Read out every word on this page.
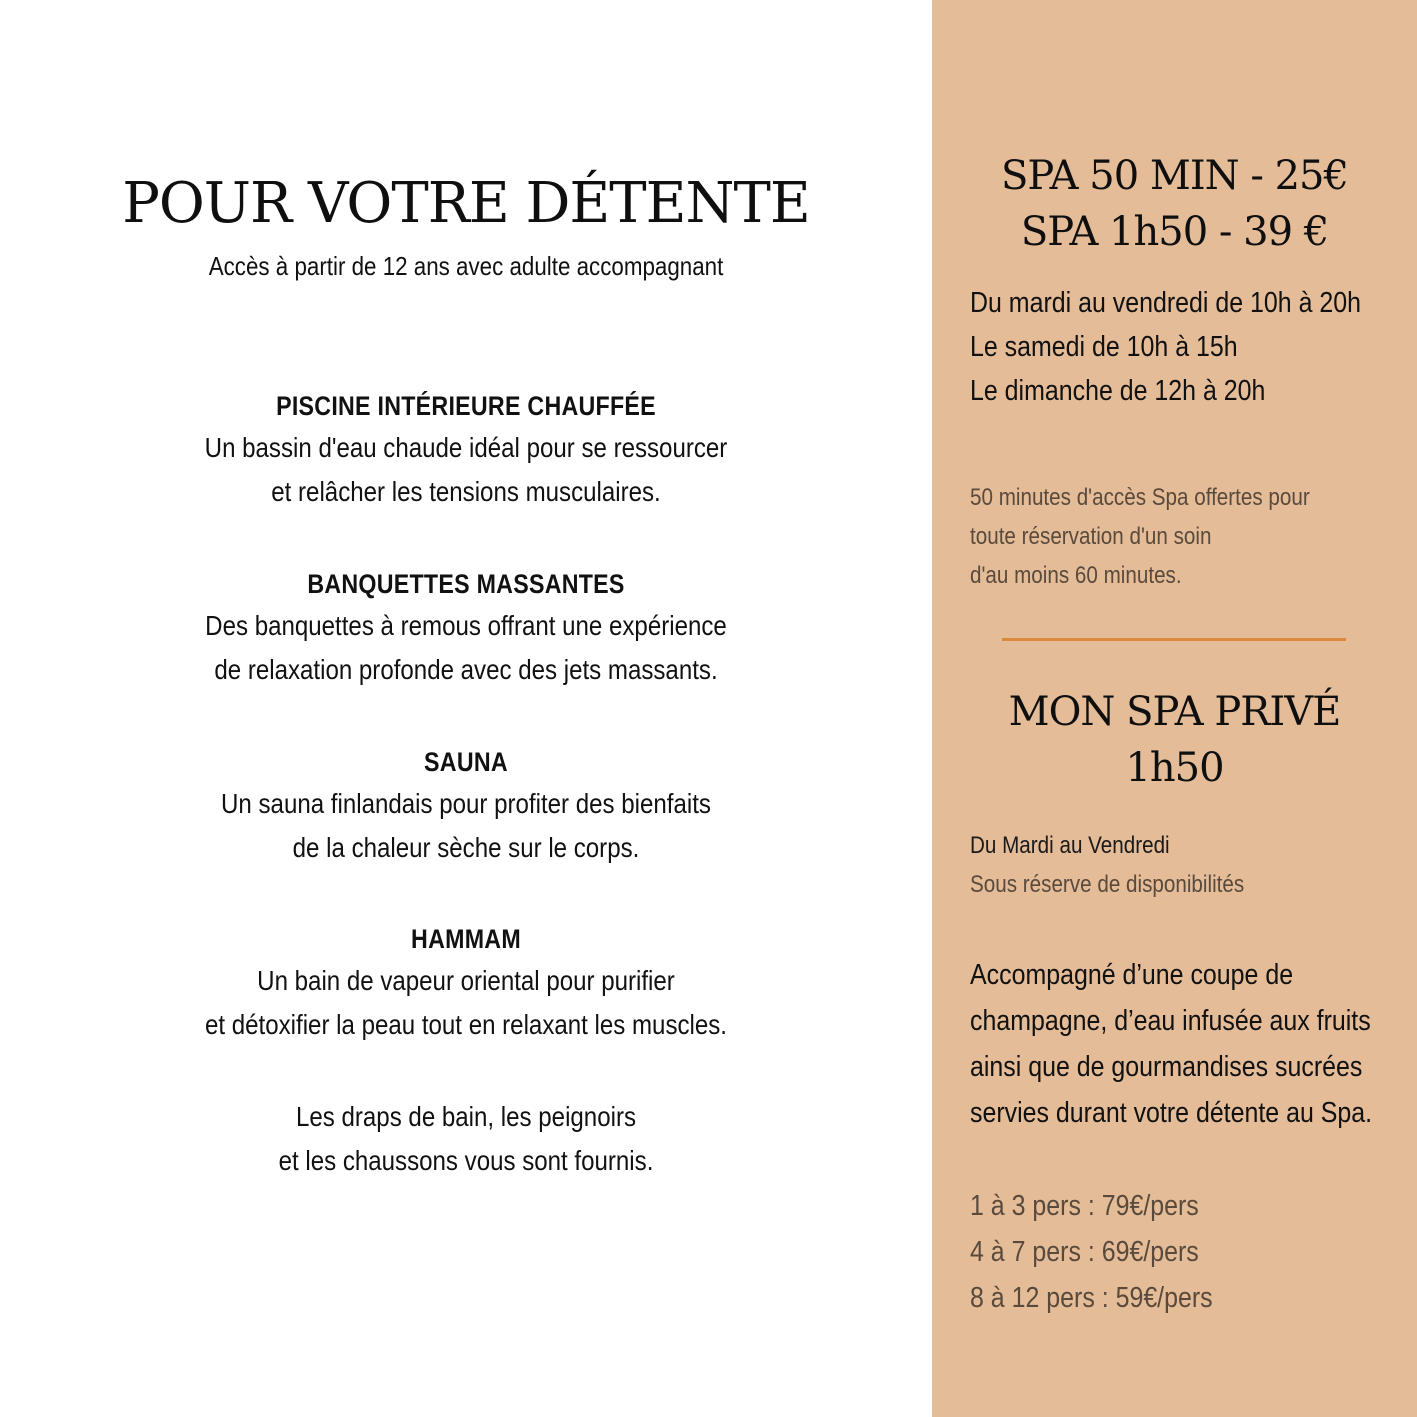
POUR VOTRE DÉTENTE
Accès à partir de 12 ans avec adulte accompagnant
PISCINE INTÉRIEURE CHAUFFÉE
Un bassin d'eau chaude idéal pour se ressourcer
et relâcher les tensions musculaires.
BANQUETTES MASSANTES
Des banquettes à remous offrant une expérience
de relaxation profonde avec des jets massants.
SAUNA
Un sauna finlandais pour profiter des bienfaits
de la chaleur sèche sur le corps.
HAMMAM
Un bain de vapeur oriental pour purifier
et détoxifier la peau tout en relaxant les muscles.
Les draps de bain, les peignoirs
et les chaussons vous sont fournis.
SPA 50 MIN - 25€
SPA 1h50 - 39 €
Du mardi au vendredi de 10h à 20h
Le samedi de 10h à 15h
Le dimanche de 12h à 20h
50 minutes d'accès Spa offertes pour
toute réservation d'un soin
d'au moins 60 minutes.
MON SPA PRIVÉ
1h50
Du Mardi au Vendredi
Sous réserve de disponibilités
Accompagné d’une coupe de
champagne, d’eau infusée aux fruits
ainsi que de gourmandises sucrées
servies durant votre détente au Spa.
1 à 3 pers : 79€/pers
4 à 7 pers : 69€/pers
8 à 12 pers : 59€/pers
